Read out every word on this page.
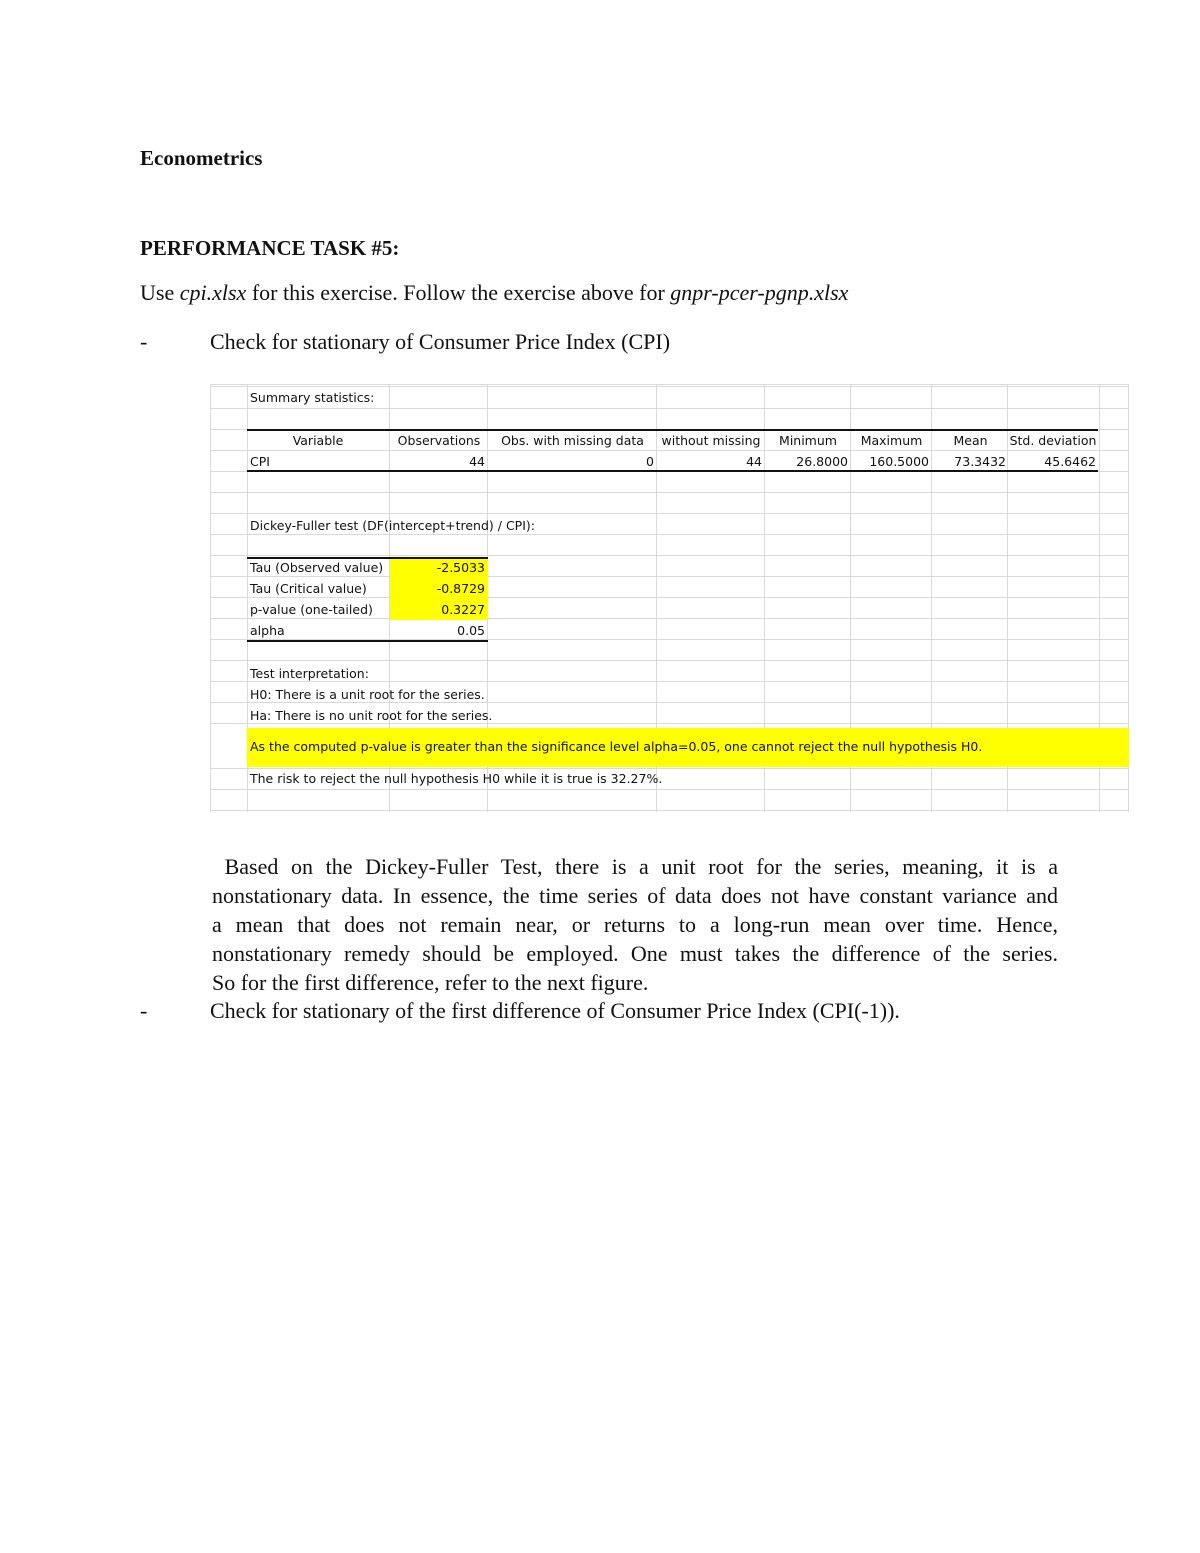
Econometrics
PERFORMANCE TASK #5:
Use cpi.xlsx for this exercise. Follow the exercise above for gnpr-pcer-pgnp.xlsx
-	Check for stationary of Consumer Price Index (CPI)
Summary statistics:
Variable	Observations	Obs. with missing data	without missing	Minimum	Maximum	Mean	Std. deviation
CPI	44	0	44	26.8000	160.5000	73.3432	45.6462
Dickey-Fuller test (DF(intercept+trend) / CPI):
Tau (Observed value)	-2.5033
Tau (Critical value)	-0.8729
p-value (one-tailed)	0.3227
alpha	0.05
Test interpretation:
H0: There is a unit root for the series.
Ha: There is no unit root for the series.
As the computed p-value is greater than the significance level alpha=0.05, one cannot reject the null hypothesis H0.
The risk to reject the null hypothesis H0 while it is true is 32.27%.

Based on the Dickey-Fuller Test, there is a unit root for the series, meaning, it is a

nonstationary data. In essence, the time series of data does not have constant variance and

a mean that does not remain near, or returns to a long-run mean over time. Hence,

nonstationary remedy should be employed. One must takes the difference of the series.

So for the first difference, refer to the next figure.

-	Check for stationary of the first difference of Consumer Price Index (CPI(-1)).
